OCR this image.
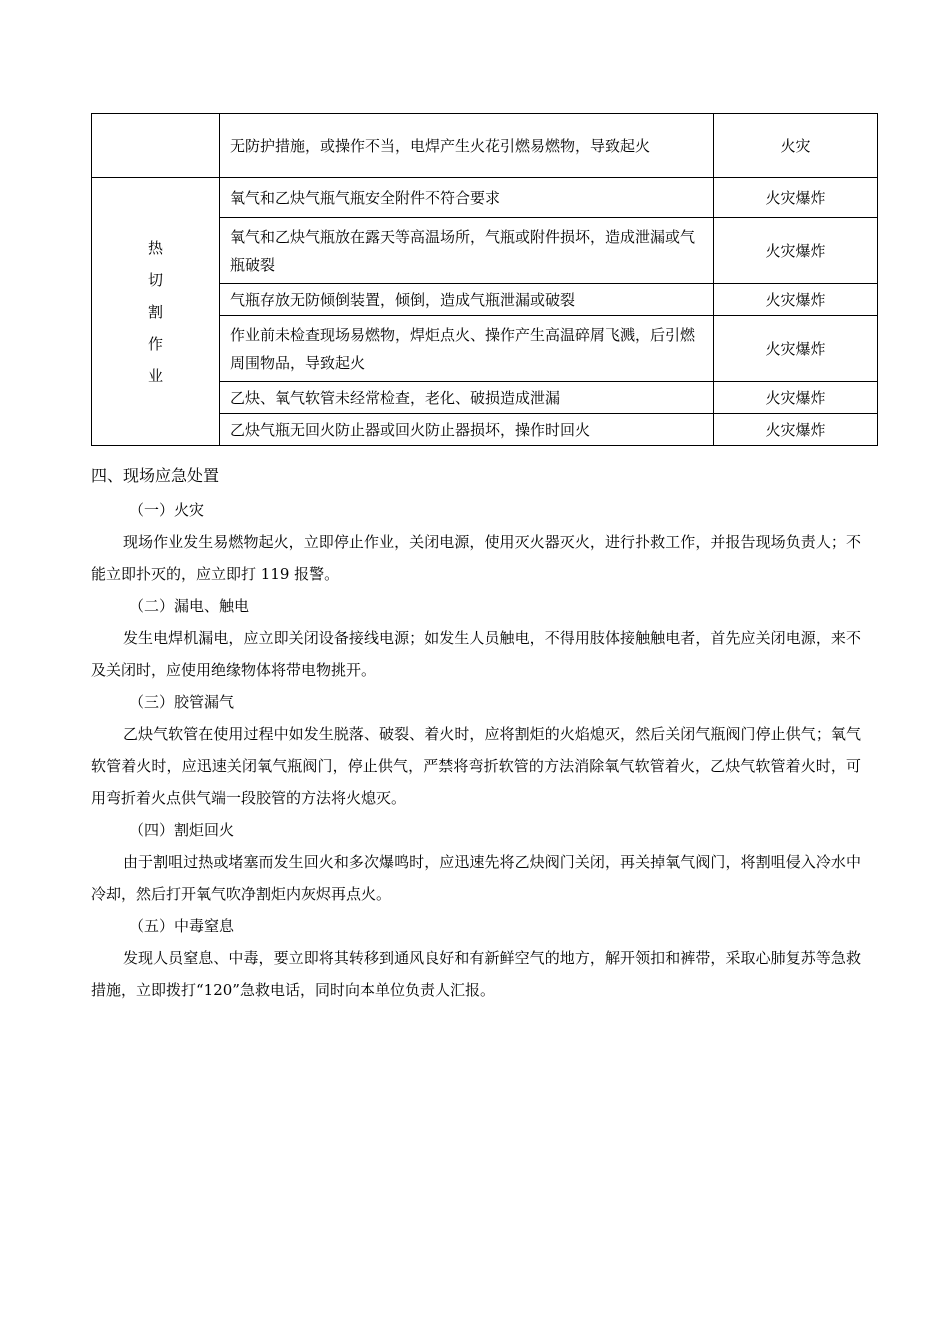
	无防护措施，或操作不当，电焊产生火花引燃易燃物，导致起火	火灾

热
切
割
作
业	氧气和乙炔气瓶气瓶安全附件不符合要求	火灾爆炸
	氧气和乙炔气瓶放在露天等高温场所，气瓶或附件损坏，造成泄漏或气瓶破裂	火灾爆炸
	气瓶存放无防倾倒装置，倾倒，造成气瓶泄漏或破裂	火灾爆炸
	作业前未检查现场易燃物，焊炬点火、操作产生高温碎屑飞溅，后引燃周围物品，导致起火	火灾爆炸
	乙炔、氧气软管未经常检查，老化、破损造成泄漏	火灾爆炸
	乙炔气瓶无回火防止器或回火防止器损坏，操作时回火	火灾爆炸
四、现场应急处置

（一）火灾

现场作业发生易燃物起火，立即停止作业，关闭电源，使用灭火器灭火，进行扑救工作，并报告现场负责人；不能立即扑灭的，应立即打 119 报警。

（二）漏电、触电

发生电焊机漏电，应立即关闭设备接线电源；如发生人员触电，不得用肢体接触触电者，首先应关闭电源，来不及关闭时，应使用绝缘物体将带电物挑开。

（三）胶管漏气

乙炔气软管在使用过程中如发生脱落、破裂、着火时，应将割炬的火焰熄灭，然后关闭气瓶阀门停止供气；氧气软管着火时，应迅速关闭氧气瓶阀门，停止供气，严禁将弯折软管的方法消除氧气软管着火，乙炔气软管着火时，可用弯折着火点供气端一段胶管的方法将火熄灭。

（四）割炬回火

由于割咀过热或堵塞而发生回火和多次爆鸣时，应迅速先将乙炔阀门关闭，再关掉氧气阀门，将割咀侵入冷水中冷却，然后打开氧气吹净割炬内灰烬再点火。

（五）中毒窒息

发现人员窒息、中毒，要立即将其转移到通风良好和有新鲜空气的地方，解开领扣和裤带，采取心肺复苏等急救措施，立即拨打“120”急救电话，同时向本单位负责人汇报。
